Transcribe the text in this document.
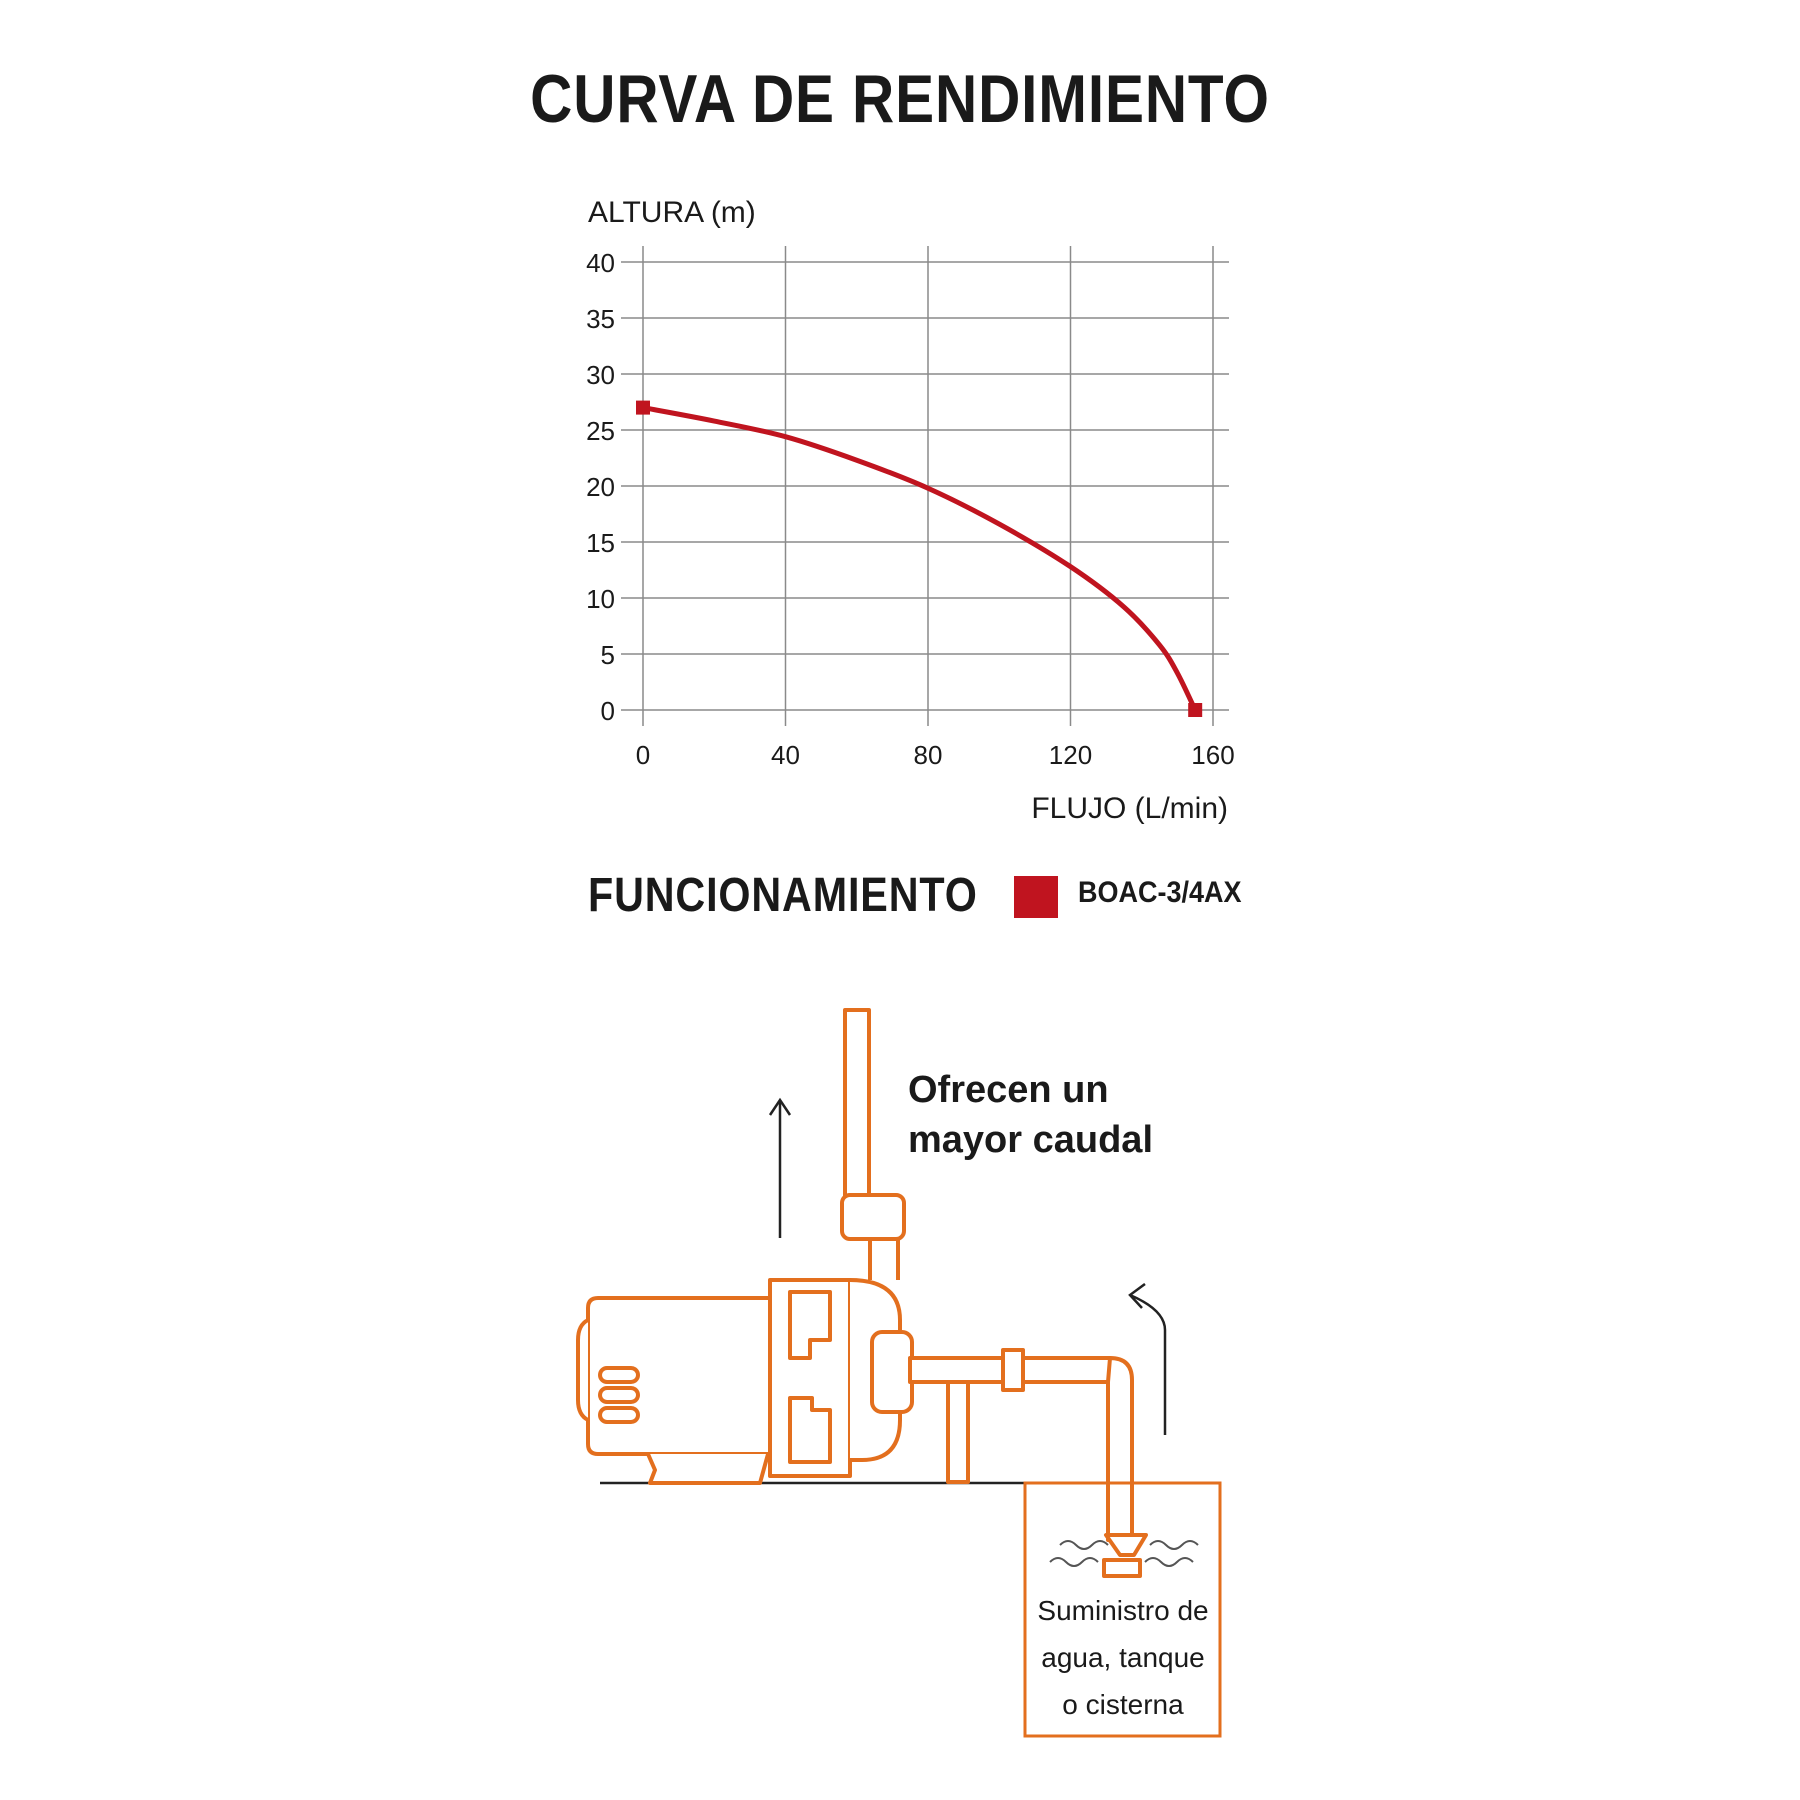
CURVA DE RENDIMIENTO
ALTURA (m)
FLUJO (L/min)
0
5
10
15
20
25
30
35
40
0	40	80	120	160
FUNCIONAMIENTO	BOAC-3/4AX
Suministro de
agua, tanque
o cisterna
Ofrecen un
mayor caudal
